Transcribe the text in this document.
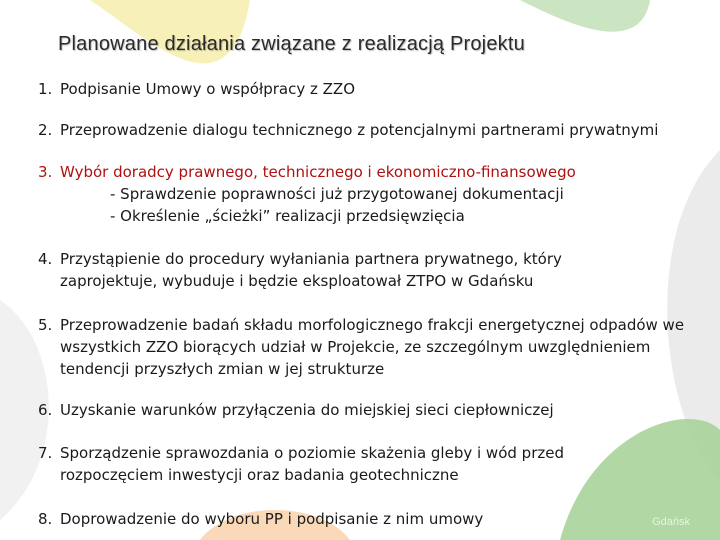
Planowane działania związane z realizacją Projektu
1. Podpisanie Umowy o współpracy z ZZO
2. Przeprowadzenie dialogu technicznego z potencjalnymi partnerami prywatnymi
3. Wybór doradcy prawnego, technicznego i ekonomiczno-finansowego
- Sprawdzenie poprawności już przygotowanej dokumentacji
- Określenie „ścieżki” realizacji przedsięwzięcia
4. Przystąpienie do procedury wyłaniania partnera prywatnego, który zaprojektuje, wybuduje i będzie eksploatował ZTPO w Gdańsku
5. Przeprowadzenie badań składu morfologicznego frakcji energetycznej odpadów we wszystkich ZZO biorących udział w Projekcie, ze szczególnym uwzględnieniem tendencji przyszłych zmian w jej strukturze
6. Uzyskanie warunków przyłączenia do miejskiej sieci ciepłowniczej
7. Sporządzenie sprawozdania o poziomie skażenia gleby i wód przed rozpoczęciem inwestycji oraz badania geotechniczne
8. Doprowadzenie do wyboru PP i podpisanie z nim umowy	Gdańsk
